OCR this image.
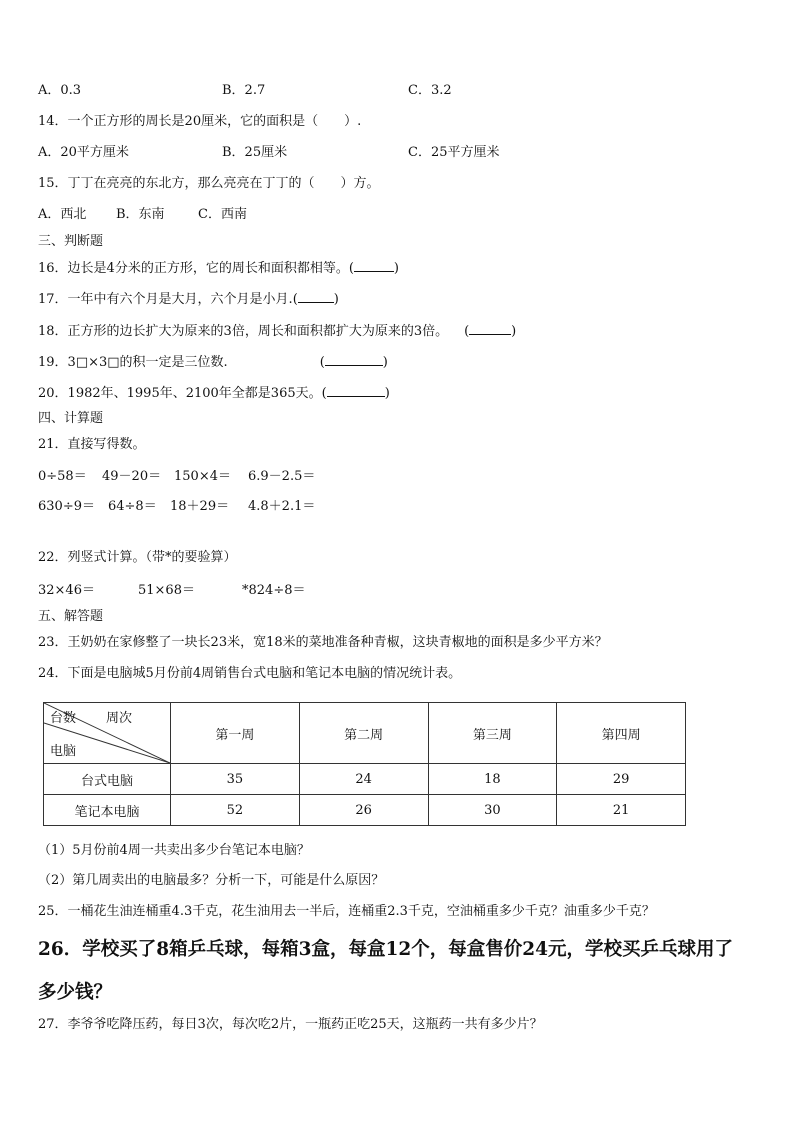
A．0.3	B．2.7	C．3.2
14．一个正方形的周长是20厘米，它的面积是（　　）.
A．20平方厘米	B．25厘米	C．25平方厘米
15．丁丁在亮亮的东北方，那么亮亮在丁丁的（　　）方。
A．西北 B．东南	C．西南
三、判断题
16．边长是4分米的正方形，它的周长和面积都相等。(	)
17．一年中有六个月是大月，六个月是小月.(	)
18．正方形的边长扩大为原来的3倍，周长和面积都扩大为原来的3倍。 (	)
19．3□×3□的积一定是三位数.	(	)
20．1982年、1995年、2100年全都是365天。(	)
四、计算题
21．直接写得数。
0÷58＝ 49－20＝ 150×4＝ 6.9－2.5＝
630÷9＝ 64÷8＝ 18＋29＝ 4.8＋2.1＝
22．列竖式计算。（带*的要验算）
32×46＝	51×68＝	*824÷8＝
五、解答题
23．王奶奶在家修整了一块长23米，宽18米的菜地准备种青椒，这块青椒地的面积是多少平方米？
24．下面是电脑城5月份前4周销售台式电脑和笔记本电脑的情况统计表。
台数 周次
电脑	第一周	第二周	第三周	第四周
台式电脑	35	24	18	29
笔记本电脑	52	26	30	21
（1）5月份前4周一共卖出多少台笔记本电脑？
（2）第几周卖出的电脑最多？分析一下，可能是什么原因？
25．一桶花生油连桶重4.3千克，花生油用去一半后，连桶重2.3千克，空油桶重多少千克？油重多少千克？
26．学校买了8箱乒乓球，每箱3盒，每盒12个，每盒售价24元，学校买乒乓球用了
多少钱？
27．李爷爷吃降压药，每日3次，每次吃2片，一瓶药正吃25天，这瓶药一共有多少片？
